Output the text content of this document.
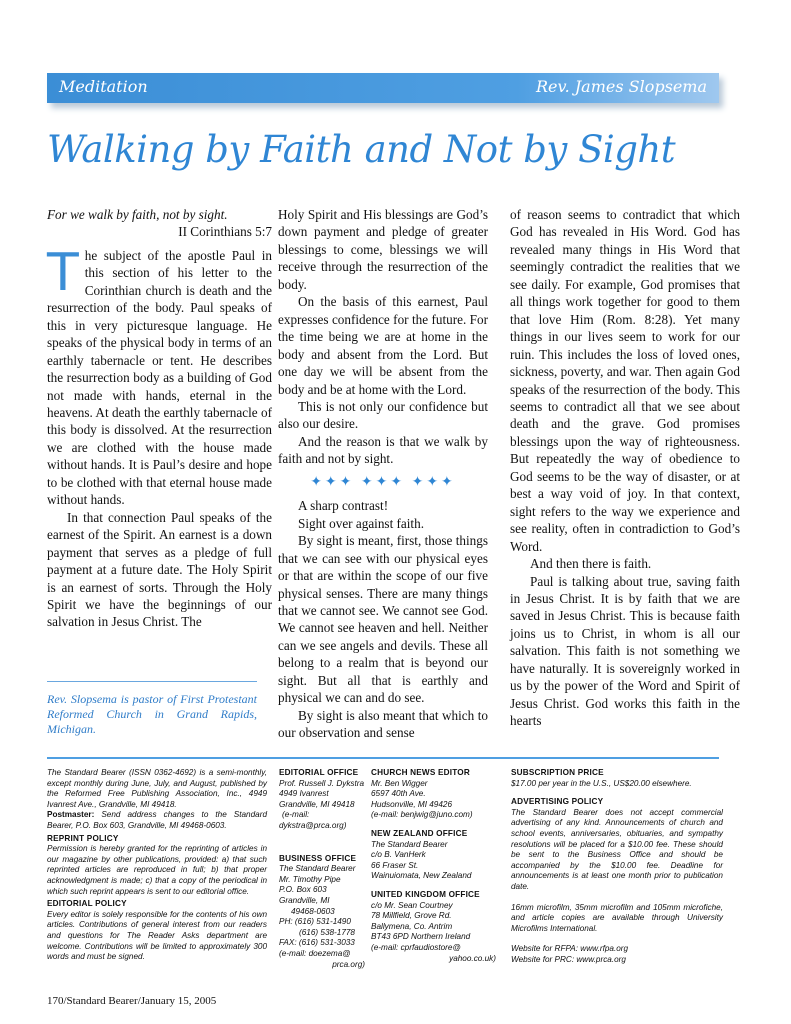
Meditation	Rev. James Slopsema
Walking by Faith and Not by Sight

For we walk by faith, not by sight.

II Corinthians 5:7

The subject of the apostle Paul in this section of his letter to the Corinthian church is death and the resurrection of the body. Paul speaks of this in very picturesque language. He speaks of the physical body in terms of an earthly tabernacle or tent. He describes the resurrection body as a building of God not made with hands, eternal in the heavens. At death the earthly tabernacle of this body is dissolved. At the resurrection we are clothed with the house made without hands. It is Paul’s desire and hope to be clothed with that eternal house made without hands.

In that connection Paul speaks of the earnest of the Spirit. An earnest is a down payment that serves as a pledge of full payment at a future date. The Holy Spirit is an earnest of sorts. Through the Holy Spirit we have the beginnings of our salvation in Jesus Christ. The

Rev. Slopsema is pastor of First Protestant Reformed Church in Grand Rapids, Michigan.

Holy Spirit and His blessings are God’s down payment and pledge of greater blessings to come, blessings we will receive through the resurrection of the body.

On the basis of this earnest, Paul expresses confidence for the future. For the time being we are at home in the body and absent from the Lord. But one day we will be absent from the body and be at home with the Lord.

This is not only our confidence but also our desire.

And the reason is that we walk by faith and not by sight.

✦✦✦ ✦✦✦ ✦✦✦

A sharp contrast!

Sight over against faith.

By sight is meant, first, those things that we can see with our physical eyes or that are within the scope of our five physical senses. There are many things that we cannot see. We cannot see God. We cannot see heaven and hell. Neither can we see angels and devils. These all belong to a realm that is beyond our sight. But all that is earthly and physical we can and do see.

By sight is also meant that which to our observation and sense

of reason seems to contradict that which God has revealed in His Word. God has revealed many things in His Word that seemingly contradict the realities that we see daily. For example, God promises that all things work together for good to them that love Him (Rom. 8:28). Yet many things in our lives seem to work for our ruin. This includes the loss of loved ones, sickness, poverty, and war. Then again God speaks of the resurrection of the body. This seems to contradict all that we see about death and the grave. God promises blessings upon the way of righteousness. But repeatedly the way of obedience to God seems to be the way of disaster, or at best a way void of joy. In that context, sight refers to the way we experience and see reality, often in contradiction to God’s Word.

And then there is faith.

Paul is talking about true, saving faith in Jesus Christ. It is by faith that we are saved in Jesus Christ. This is because faith joins us to Christ, in whom is all our salvation. This faith is not something we have naturally. It is sovereignly worked in us by the power of the Word and Spirit of Jesus Christ. God works this faith in the hearts

The Standard Bearer (ISSN 0362-4692) is a semi-monthly, except monthly during June, July, and August, published by the Reformed Free Publishing Association, Inc., 4949 Ivanrest Ave., Grandville, MI 49418.

Postmaster: Send address changes to the Standard Bearer, P.O. Box 603, Grandville, MI 49468-0603.

REPRINT POLICY

Permission is hereby granted for the reprinting of articles in our magazine by other publications, provided: a) that such reprinted articles are reproduced in full; b) that proper acknowledgment is made; c) that a copy of the periodical in which such reprint appears is sent to our editorial office.

EDITORIAL POLICY

Every editor is solely responsible for the contents of his own articles. Contributions of general interest from our readers and questions for The Reader Asks department are welcome. Contributions will be limited to approximately 300 words and must be signed.

EDITORIAL OFFICE

Prof. Russell J. Dykstra

4949 Ivanrest

Grandville, MI 49418

(e-mail:

dykstra@prca.org)

BUSINESS OFFICE

The Standard Bearer

Mr. Timothy Pipe

P.O. Box 603

Grandville, MI

49468-0603

PH: (616) 531-1490

(616) 538-1778

FAX: (616) 531-3033

(e-mail: doezema@

prca.org)

CHURCH NEWS EDITOR

Mr. Ben Wigger

6597 40th Ave.

Hudsonville, MI 49426

(e-mail: benjwig@juno.com)

NEW ZEALAND OFFICE

The Standard Bearer

c/o B. VanHerk

66 Fraser St.

Wainuiomata, New Zealand

UNITED KINGDOM OFFICE

c/o Mr. Sean Courtney

78 Millfield, Grove Rd.

Ballymena, Co. Antrim

BT43 6PD Northern Ireland

(e-mail: cprfaudiostore@

yahoo.co.uk)

SUBSCRIPTION PRICE

$17.00 per year in the U.S., US$20.00 elsewhere.

ADVERTISING POLICY

The Standard Bearer does not accept commercial advertising of any kind. Announcements of church and school events, anniversaries, obituaries, and sympathy resolutions will be placed for a $10.00 fee. These should be sent to the Business Office and should be accompanied by the $10.00 fee. Deadline for announcements is at least one month prior to publication date.

16mm microfilm, 35mm microfilm and 105mm microfiche, and article copies are available through University Microfilms International.

Website for RFPA: www.rfpa.org

Website for PRC: www.prca.org

170/Standard Bearer/January 15, 2005
